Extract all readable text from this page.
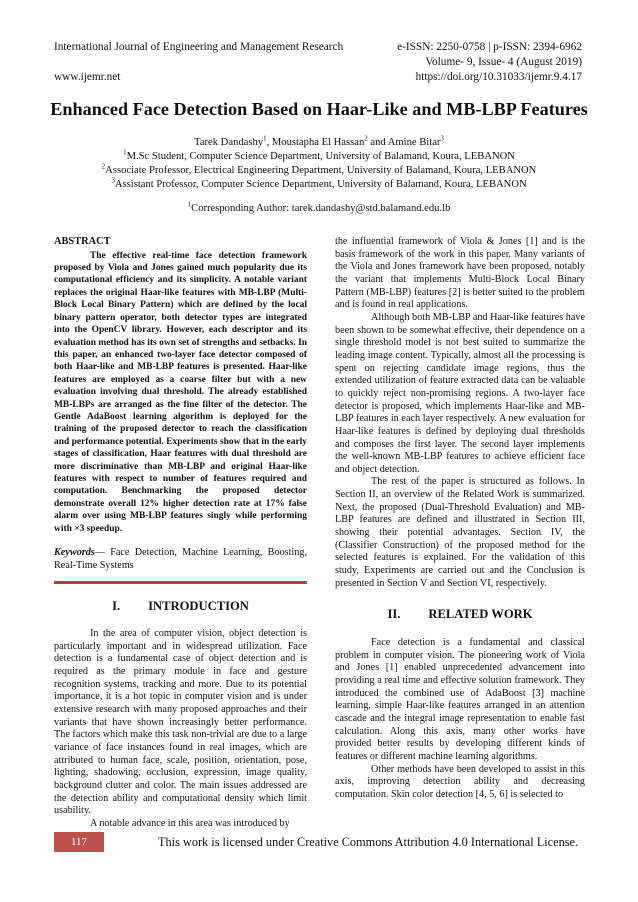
International Journal of Engineering and Management Research	e-ISSN: 2250-0758 | p-ISSN: 2394-6962
Volume- 9, Issue- 4 (August 2019)
www.ijemr.net	https://doi.org/10.31033/ijemr.9.4.17
Enhanced Face Detection Based on Haar-Like and MB-LBP Features
Tarek Dandashy$^1$, Moustapha El Hassan$^2$ and Amine Bitar$^3$
$^1$M.Sc Student, Computer Science Department, University of Balamand, Koura, LEBANON
$^2$Associate Professor, Electrical Engineering Department, University of Balamand, Koura, LEBANON
$^3$Assistant Professor, Computer Science Department, University of Balamand, Koura, LEBANON
$^1$Corresponding Author: tarek.dandashy@std.balamand.edu.lb
ABSTRACT

The effective real-time face detection framework proposed by Viola and Jones gained much popularity due its computational efficiency and its simplicity. A notable variant replaces the original Haar-like features with MB-LBP (Multi-Block Local Binary Pattern) which are defined by the local binary pattern operator, both detector types are integrated into the OpenCV library. However, each descriptor and its evaluation method has its own set of strengths and setbacks. In this paper, an enhanced two-layer face detector composed of both Haar-like and MB-LBP features is presented. Haar-like features are employed as a coarse filter but with a new evaluation involving dual threshold. The already established MB-LBPs are arranged as the fine filter of the detector. The Gentle AdaBoost learning algorithm is deployed for the training of the proposed detector to reach the classification and performance potential. Experiments show that in the early stages of classification, Haar features with dual threshold are more discriminative than MB-LBP and original Haar-like features with respect to number of features required and computation. Benchmarking the proposed detector demonstrate overall 12% higher detection rate at 17% false alarm over using MB-LBP features singly while performing with ×3 speedup.

Keywords— Face Detection, Machine Learning, Boosting, Real-Time Systems
I. INTRODUCTION

In the area of computer vision, object detection is particularly important and in widespread utilization. Face detection is a fundamental case of object detection and is required as the primary module in face and gesture recognition systems, tracking and more. Due to its potential importance, it is a hot topic in computer vision and is under extensive research with many proposed approaches and their variants that have shown increasingly better performance. The factors which make this task non-trivial are due to a large variance of face instances found in real images, which are attributed to human face, scale, position, orientation, pose, lighting, shadowing, occlusion, expression, image quality, background clutter and color. The main issues addressed are the detection ability and computational density which limit usability.

A notable advance in this area was introduced by

the influential framework of Viola & Jones [1] and is the basis framework of the work in this paper. Many variants of the Viola and Jones framework have been proposed, notably the variant that implements Multi-Block Local Binary Pattern (MB-LBP) features [2] is better suited to the problem and is found in real applications.

Although both MB-LBP and Haar-like features have been shown to be somewhat effective, their dependence on a single threshold model is not best suited to summarize the leading image content. Typically, almost all the processing is spent on rejecting candidate image regions, thus the extended utilization of feature extracted data can be valuable to quickly reject non-promising regions. A two-layer face detector is proposed, which implements Haar-like and MB-LBP features in each layer respectively. A new evaluation for Haar-like features is defined by deploying dual thresholds and composes the first layer. The second layer implements the well-known MB-LBP features to achieve efficient face and object detection.

The rest of the paper is structured as follows. In Section II, an overview of the Related Work is summarized. Next, the proposed (Dual-Threshold Evaluation) and MB-LBP features are defined and illustrated in Section III, showing their potential advantages. Section IV, the (Classifier Construction) of the proposed method for the selected features is explained. For the validation of this study, Experiments are carried out and the Conclusion is presented in Section V and Section VI, respectively.

II. RELATED WORK

Face detection is a fundamental and classical problem in computer vision. The pioneering work of Viola and Jones [1] enabled unprecedented advancement into providing a real time and effective solution framework. They introduced the combined use of AdaBoost [3] machine learning, simple Haar-like features arranged in an attention cascade and the integral image representation to enable fast calculation. Along this axis, many other works have provided better results by developing different kinds of features or different machine learning algorithms.

Other methods have been developed to assist in this axis, improving detection ability and decreasing computation. Skin color detection [4, 5, 6] is selected to

117	This work is licensed under Creative Commons Attribution 4.0 International License.
